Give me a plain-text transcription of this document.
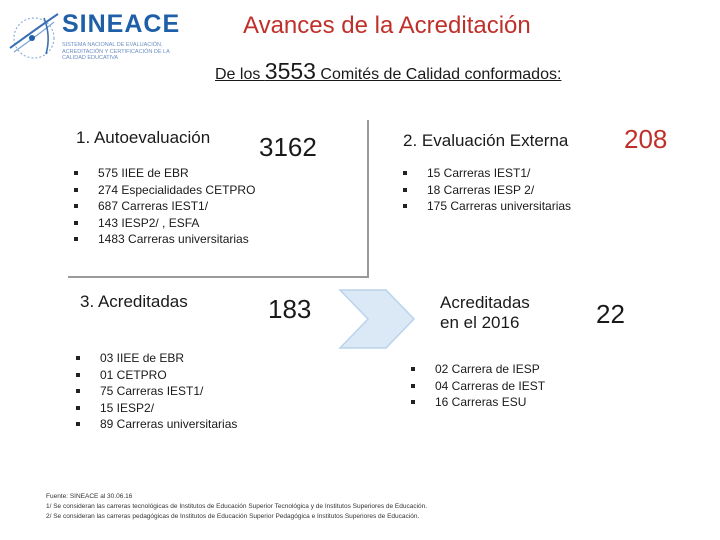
SINEACE
SISTEMA NACIONAL DE EVALUACIÓN, ACREDITACIÓN Y CERTIFICACIÓN DE LA CALIDAD EDUCATIVA
Avances de la Acreditación
De los 3553 Comités de Calidad conformados:
1. Autoevaluación 3162
575 IIEE de EBR
274 Especialidades CETPRO
687 Carreras IEST1/
143 IESP2/ , ESFA
1483 Carreras universitarias
2. Evaluación Externa 208
15 Carreras IEST1/
18 Carreras IESP 2/
175 Carreras universitarias
3. Acreditadas	183
03 IIEE de EBR
01 CETPRO
75 Carreras IEST1/
15 IESP2/
89 Carreras universitarias
Acreditadas
en el 2016	22
02 Carrera de IESP
04 Carreras de IEST
16 Carreras ESU
Fuente: SINEACE al 30.06.16
1/ Se consideran las carreras tecnológicas de Institutos de Educación Superior Tecnológica y de Institutos Superiores de Educación.
2/ Se consideran las carreras pedagógicas de Institutos de Educación Superior Pedagógica e Institutos Superiores de Educación.
